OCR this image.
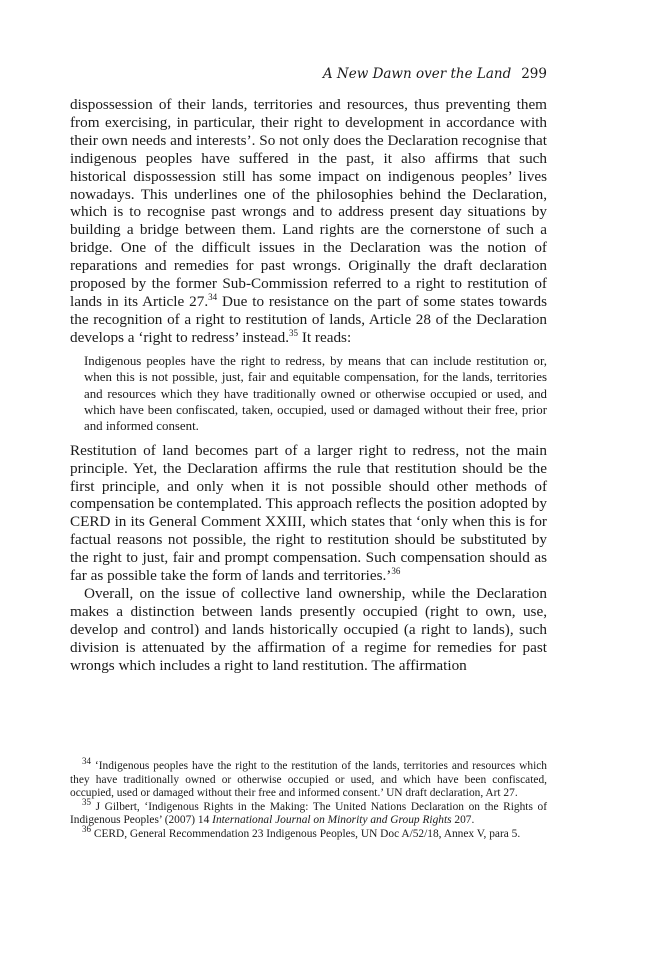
A New Dawn over the Land 299

dispossession of their lands, territories and resources, thus preventing them from exercising, in particular, their right to development in accordance with their own needs and interests’. So not only does the Declaration recognise that indigenous peoples have suffered in the past, it also affirms that such historical dispossession still has some impact on indigenous peoples’ lives nowadays. This underlines one of the philosophies behind the Declaration, which is to recognise past wrongs and to address present day situations by building a bridge between them. Land rights are the cornerstone of such a bridge. One of the difficult issues in the Declaration was the notion of reparations and remedies for past wrongs. Originally the draft declaration proposed by the former Sub-Commission referred to a right to restitution of lands in its Article 27.34 Due to resistance on the part of some states towards the recognition of a right to restitution of lands, Article 28 of the Declaration develops a ‘right to redress’ instead.$^{35}$ It reads:

Indigenous peoples have the right to redress, by means that can include restitution or, when this is not possible, just, fair and equitable compensation, for the lands, territories and resources which they have traditionally owned or otherwise occupied or used, and which have been confiscated, taken, occupied, used or damaged without their free, prior and informed consent.

Restitution of land becomes part of a larger right to redress, not the main principle. Yet, the Declaration affirms the rule that restitution should be the first principle, and only when it is not possible should other methods of compensation be contemplated. This approach reflects the position adopted by CERD in its General Comment XXIII, which states that ‘only when this is for factual reasons not possible, the right to restitution should be substituted by the right to just, fair and prompt compensation. Such compensation should as far as possible take the form of lands and territories.’$^{36}$

Overall, on the issue of collective land ownership, while the Declaration makes a distinction between lands presently occupied (right to own, use, develop and control) and lands historically occupied (a right to lands), such division is attenuated by the affirmation of a regime for remedies for past wrongs which includes a right to land restitution. The affirmation

$^{34}$ ‘Indigenous peoples have the right to the restitution of the lands, territories and resources which they have traditionally owned or otherwise occupied or used, and which have been confiscated, occupied, used or damaged without their free and informed consent.’ UN draft declaration, Art 27.

$^{35}$ J Gilbert, ‘Indigenous Rights in the Making: The United Nations Declaration on the Rights of Indigenous Peoples’ (2007) 14 International Journal on Minority and Group Rights 207.

$^{36}$ CERD, General Recommendation 23 Indigenous Peoples, UN Doc A/52/18, Annex V, para 5.
